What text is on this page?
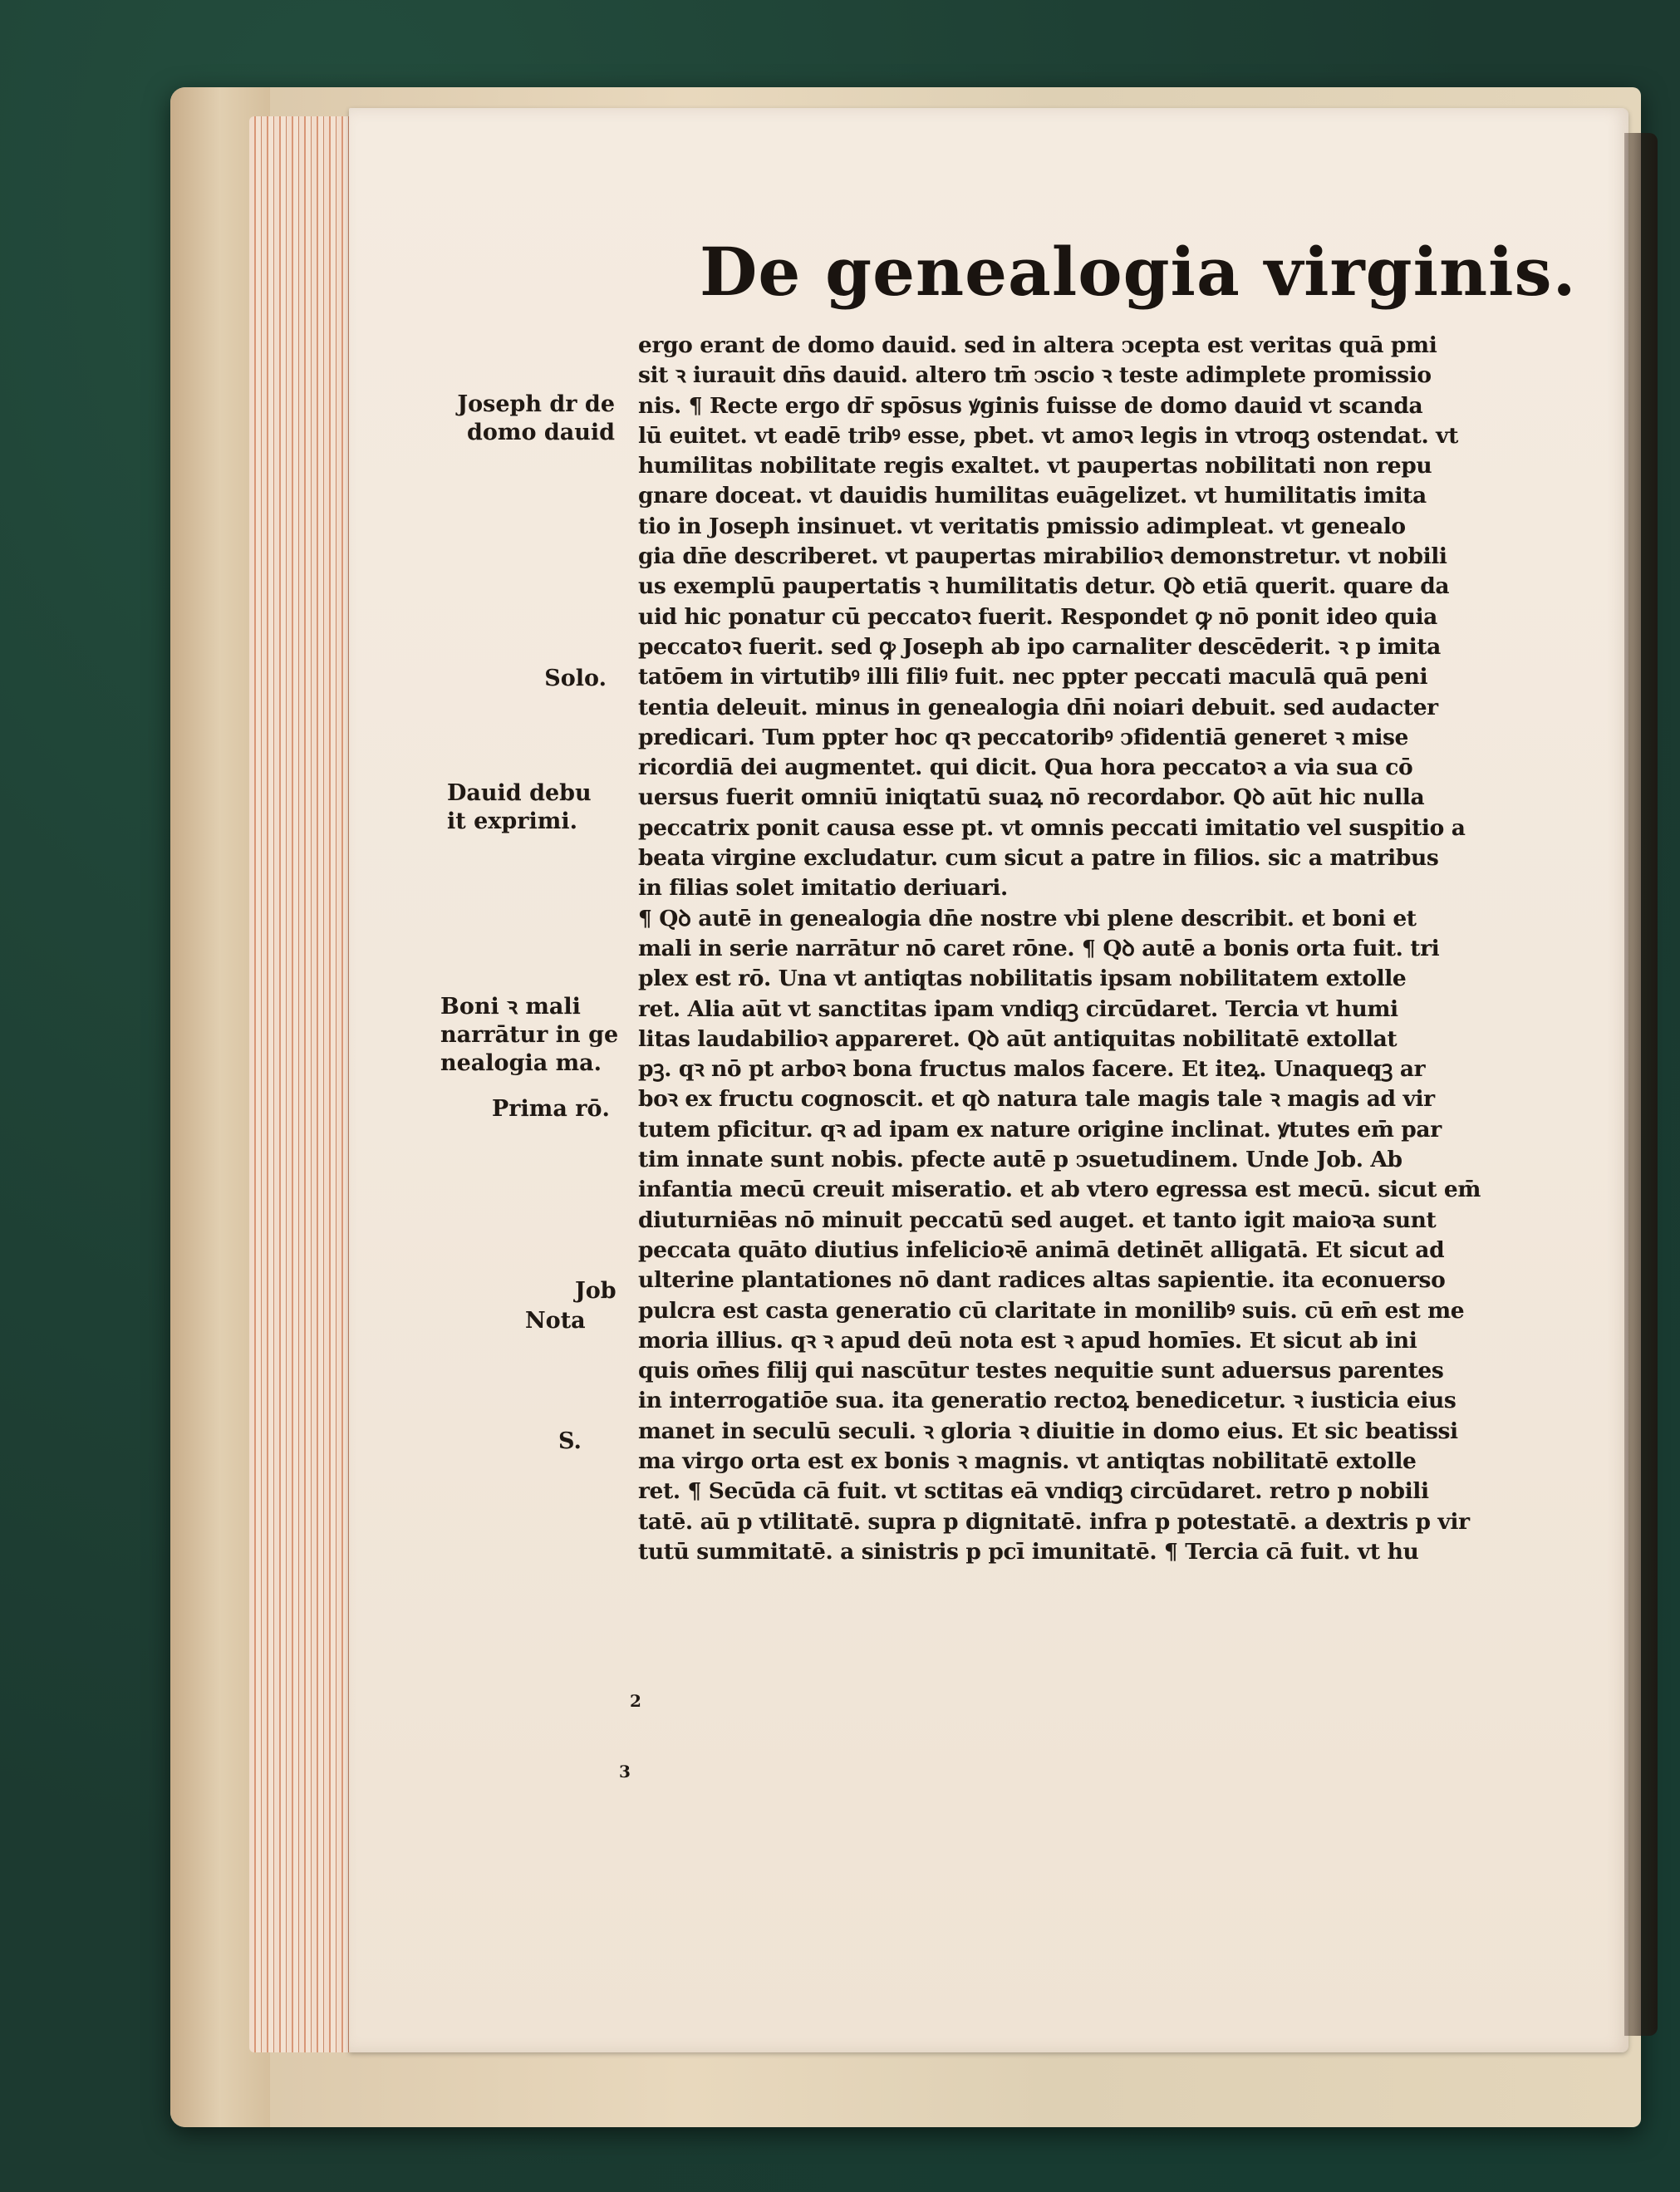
De genealogia virginis.
ergo erant de domo dauid. sed in altera ↄcepta est veritas quā pmi
sit ꝛ iurauit dn̄s dauid. altero tm̄ ↄscio ꝛ teste adimplete promissio
nis. ¶ Recte ergo dr̄ spōsus ꝟginis fuisse de domo dauid vt scanda
lū euitet. vt eadē tribꝰ esse, pbet. vt amoꝛ legis in vtroqꝫ ostendat. vt
humilitas nobilitate regis exaltet. vt paupertas nobilitati non repu
gnare doceat. vt dauidis humilitas euāgelizet. vt humilitatis imita
tio in Joseph insinuet. vt veritatis pmissio adimpleat. vt genealo
gia dn̄e describeret. vt paupertas mirabilioꝛ demonstretur. vt nobili
us exemplū paupertatis ꝛ humilitatis detur. Qꝺ etiā querit. quare da
uid hic ponatur cū peccatoꝛ fuerit. Respondet ꝙ nō ponit ideo quia
peccatoꝛ fuerit. sed ꝙ Joseph ab ipo carnaliter descēderit. ꝛ p imita
tatōem in virtutibꝰ illi filiꝰ fuit. nec ppter peccati maculā quā peni
tentia deleuit. minus in genealogia dn̄i noiari debuit. sed audacter
predicari. Tum ppter hoc qꝛ peccatoribꝰ ↄfidentiā generet ꝛ mise
ricordiā dei augmentet. qui dicit. Qua hora peccatoꝛ a via sua cō
uersus fuerit omniū iniqtatū suaꝝ nō recordabor. Qꝺ aūt hic nulla
peccatrix ponit causa esse pt. vt omnis peccati imitatio vel suspitio a
beata virgine excludatur. cum sicut a patre in filios. sic a matribus
in filias solet imitatio deriuari.
¶ Qꝺ autē in genealogia dn̄e nostre vbi plene describit. et boni et
mali in serie narrātur nō caret rōne. ¶ Qꝺ autē a bonis orta fuit. tri
plex est rō. Una vt antiqtas nobilitatis ipsam nobilitatem extolle
ret. Alia aūt vt sanctitas ipam vndiqꝫ circūdaret. Tercia vt humi
litas laudabilioꝛ appareret. Qꝺ aūt antiquitas nobilitatē extollat
pꝫ. qꝛ nō pt arboꝛ bona fructus malos facere. Et iteꝝ. Unaqueqꝫ ar
boꝛ ex fructu cognoscit. et qꝺ natura tale magis tale ꝛ magis ad vir
tutem pficitur. qꝛ ad ipam ex nature origine inclinat. ꝟtutes em̄ par
tim innate sunt nobis. pfecte autē p ↄsuetudinem. Unde Job. Ab
infantia mecū creuit miseratio. et ab vtero egressa est mecū. sicut em̄
diuturniēas nō minuit peccatū sed auget. et tanto igit maioꝛa sunt
peccata quāto diutius infelicioꝛē animā detinēt alligatā. Et sicut ad
ulterine plantationes nō dant radices altas sapientie. ita econuerso
pulcra est casta generatio cū claritate in monilibꝰ suis. cū em̄ est me
moria illius. qꝛ ꝛ apud deū nota est ꝛ apud homīes. Et sicut ab ini
quis om̄es filij qui nascūtur testes nequitie sunt aduersus parentes
in interrogatiōe sua. ita generatio rectoꝝ benedicetur. ꝛ iusticia eius
manet in seculū seculi. ꝛ gloria ꝛ diuitie in domo eius. Et sic beatissi
ma virgo orta est ex bonis ꝛ magnis. vt antiqtas nobilitatē extolle
ret. ¶ Secūda cā fuit. vt sctitas eā vndiqꝫ circūdaret. retro p nobili
tatē. aū p vtilitatē. supra p dignitatē. infra p potestatē. a dextris p vir
tutū summitatē. a sinistris p pcī imunitatē. ¶ Tercia cā fuit. vt hu

Joseph dr de
domo dauid

Solo.

Dauid debu
it exprimi.

Boni ꝛ mali
narrātur in ge
nealogia ma.

Prima rō.

Job

Nota

S.

2

3
